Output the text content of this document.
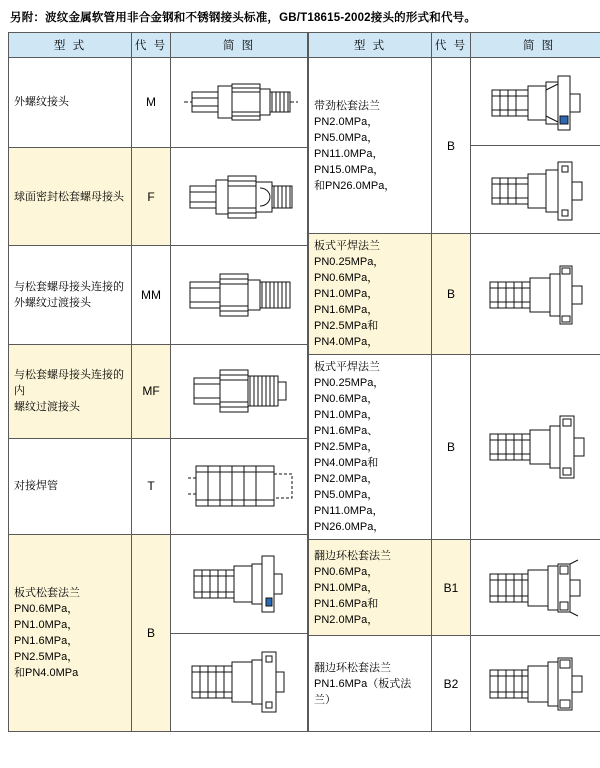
另附：波纹金属软管用非合金钢和不锈钢接头标准，GB/T18615-2002接头的形式和代号。
型 式	代 号	简 图

外螺纹接头	M	

球面密封松套螺母接头	F	

与松套螺母接头连接的
外螺纹过渡接头	MM	

与松套螺母接头连接的内
螺纹过渡接头	MF	

对接焊管	T	

板式松套法兰
PN0.6MPa，PN1.0MPa，
PN1.6MPa，PN2.5MPa，
和PN4.0MPa	B	

型 式	代 号	简 图

带劲松套法兰
PN2.0MPa，PN5.0MPa，
PN11.0MPa，PN15.0MPa，
和PN26.0MPa，	B	

板式平焊法兰
PN0.25MPa，PN0.6MPa，
PN1.0MPa，PN1.6MPa，
PN2.5MPa和PN4.0MPa，	B	

板式平焊法兰
PN0.25MPa，PN0.6MPa，
PN1.0MPa，PN1.6MPa、
PN2.5MPa，PN4.0MPa和
PN2.0MPa，PN5.0MPa，
PN11.0MPa，PN26.0MPa，
	B	

翻边环松套法兰
PN0.6MPa，PN1.0MPa，
PN1.6MPa和PN2.0MPa，	B1	

翻边环松套法兰
PN1.6MPa（板式法兰）	B2	
